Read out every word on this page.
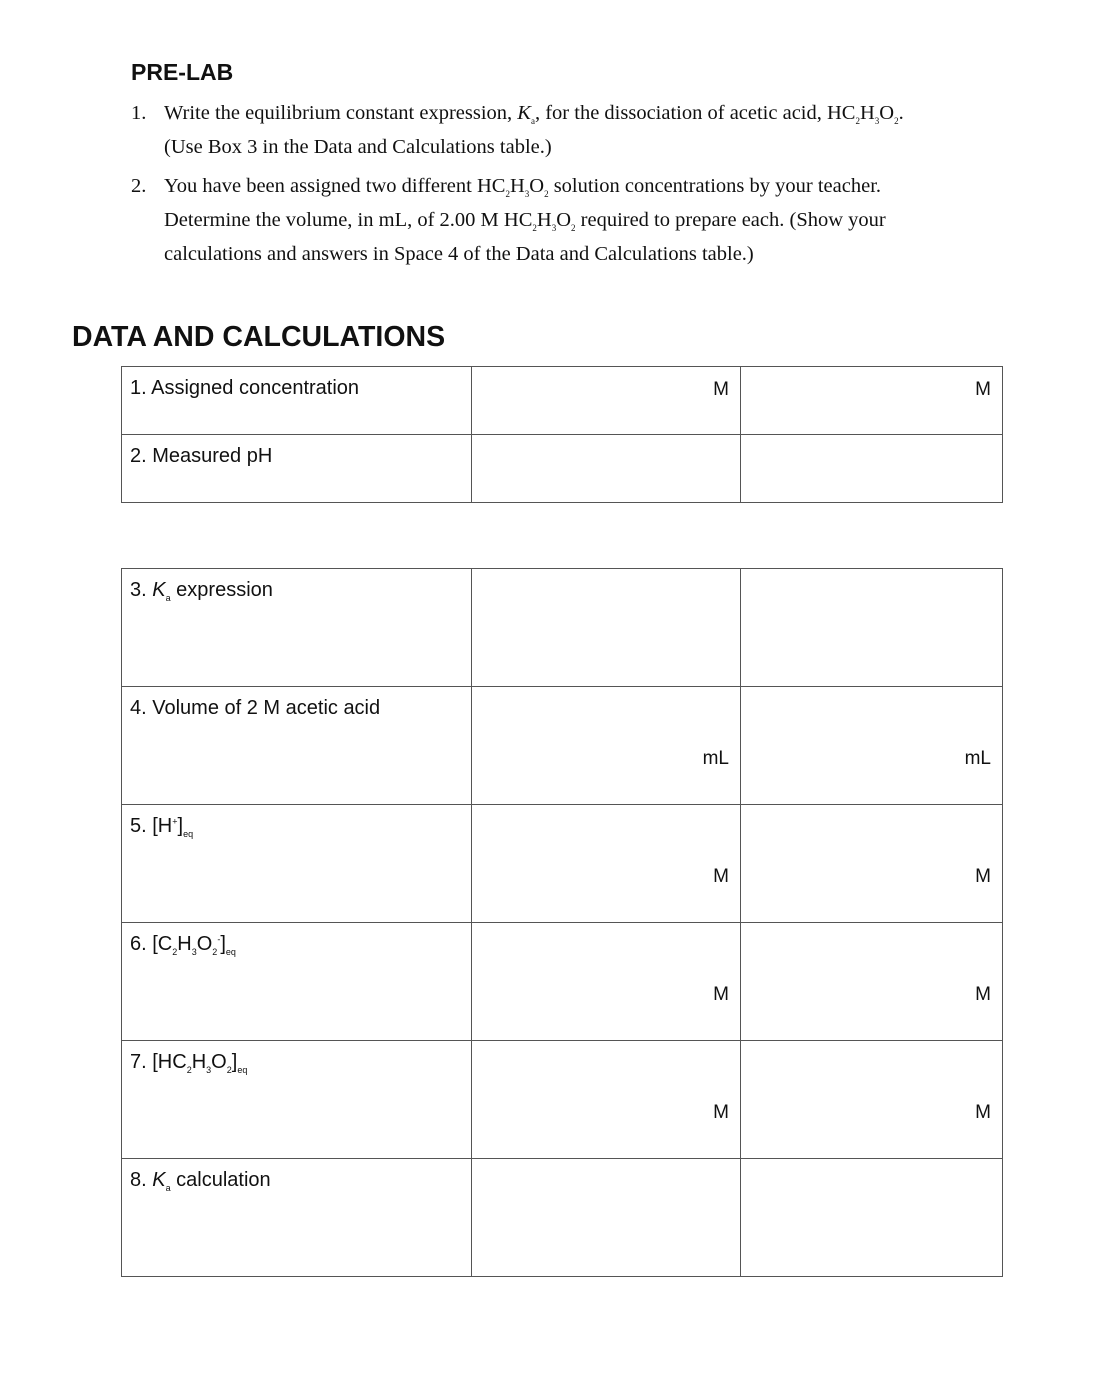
PRE-LAB
1. Write the equilibrium constant expression, $K_a$, for the dissociation of acetic acid, $HC_2H_3O_2$.
(Use Box 3 in the Data and Calculations table.)
2. You have been assigned two different $HC_2H_3O_2$ solution concentrations by your teacher. Determine the volume, in mL, of 2.00 M $HC_2H_3O_2$ required to prepare each. (Show your calculations and answers in Space 4 of the Data and Calculations table.)
DATA AND CALCULATIONS
1. Assigned concentration	M	M

2. Measured pH		

3. $K_a$ expression		

4. Volume of 2 M acetic acid	mL	mL

5. $[H^+]_{eq}$	M	M

6. $[C_2H_3O_2^-]_{eq}$	M	M

7. $[HC_2H_3O_2]_{eq}$	M	M

8. $K_a$ calculation		
